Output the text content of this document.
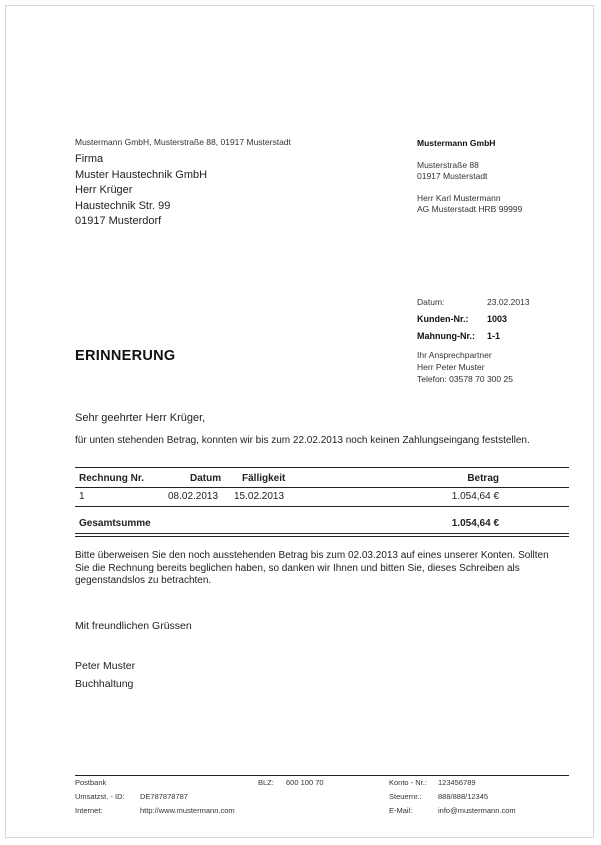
Mustermann GmbH, Musterstraße 88, 01917 Musterstadt
Firma
Muster Haustechnik GmbH
Herr Krüger
Haustechnik Str. 99
01917 Musterdorf
Mustermann GmbH
Musterstraße 88
01917 Musterstadt
Herr Karl Mustermann
AG Musterstadt HRB 99999
Datum:	23.02.2013
Kunden-Nr.: 1003
Mahnung-Nr.: 1-1
Ihr Ansprechpartner
Herr Peter Muster
Telefon: 03578 70 300 25
ERINNERUNG
Sehr geehrter Herr Krüger,
für unten stehenden Betrag, konnten wir bis zum 22.02.2013 noch keinen Zahlungseingang feststellen.
Rechnung Nr.	Datum Fälligkeit	Betrag
1	08.02.2013 15.02.2013	1.054,64 €
Gesamtsumme	1.054,64 €
Bitte überweisen Sie den noch ausstehenden Betrag bis zum 02.03.2013 auf eines unserer Konten. Sollten Sie die Rechnung bereits beglichen haben, so danken wir Ihnen und bitten Sie, dieses Schreiben als gegenstandslos zu betrachten.
Mit freundlichen Grüssen
Peter Muster
Buchhaltung
Postbank
Umsatzst. - ID: DE787878787
Internet:	http://www.mustermann.com
BLZ: 600 100 70	Konto - Nr.: 123456789
Steuernr.: 888/888/12345
E-Mail:	info@mustermann.com
